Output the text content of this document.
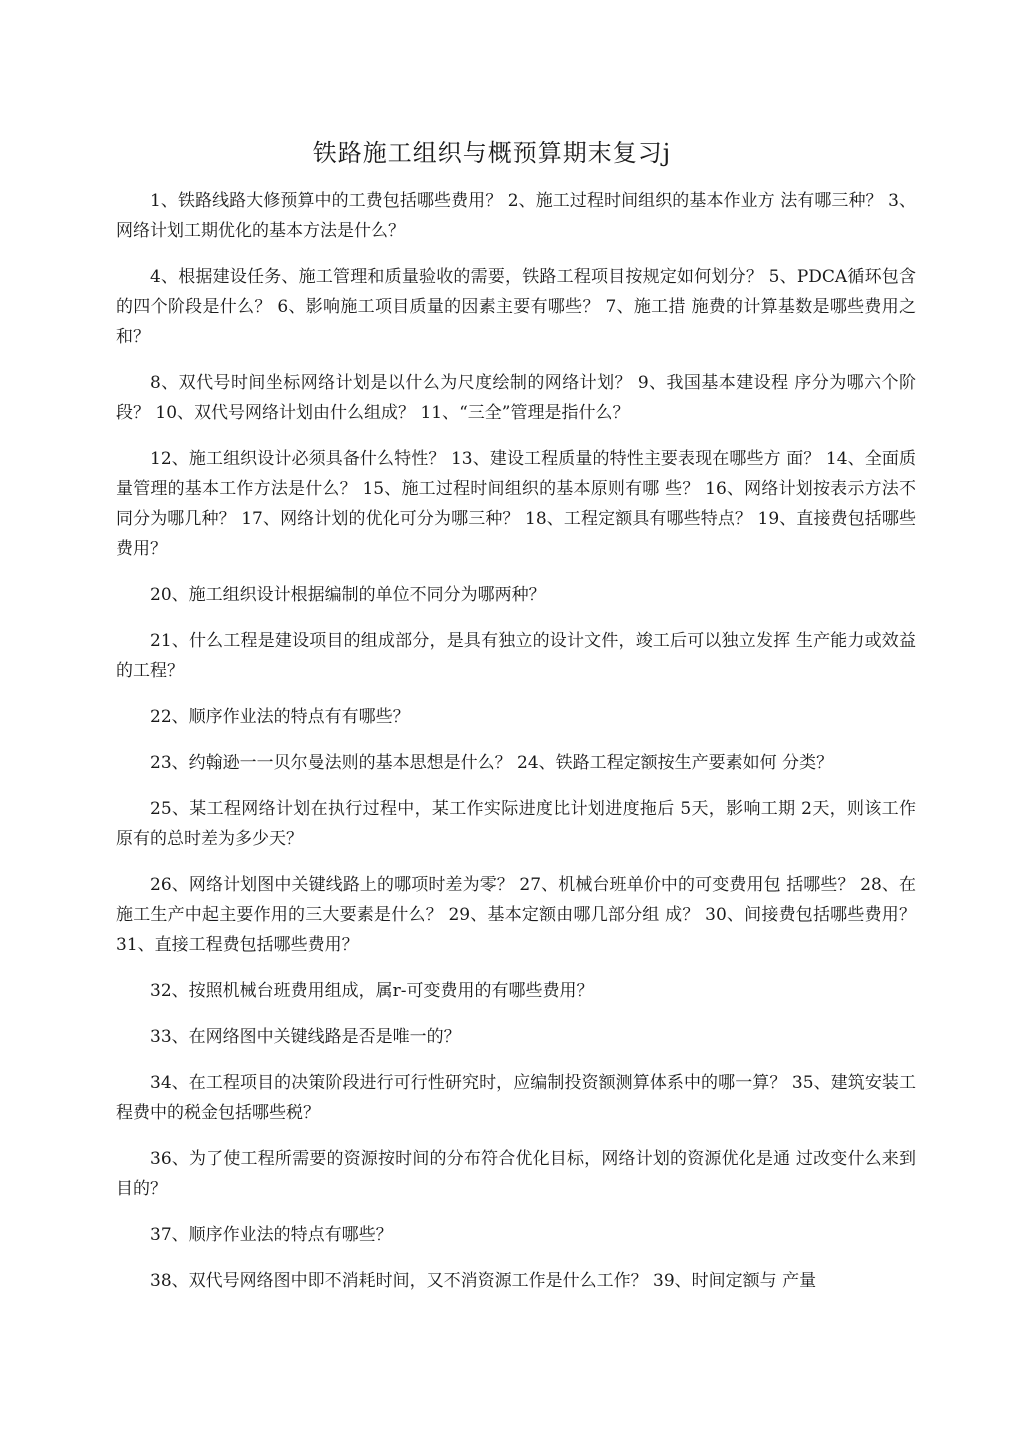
铁路施工组织与概预算期末复习j

1、铁路线路大修预算中的工费包括哪些费用？ 2、施工过程时间组织的基本作业方 法有哪三种？ 3、网络计划工期优化的基本方法是什么？

4、根据建设任务、施工管理和质量验收的需要，铁路工程项目按规定如何划分？ 5、PDCA循环包含的四个阶段是什么？ 6、影响施工项目质量的因素主要有哪些？ 7、施工措 施费的计算基数是哪些费用之和？

8、双代号时间坐标网络计划是以什么为尺度绘制的网络计划？ 9、我国基本建设程 序分为哪六个阶段？ 10、双代号网络计划由什么组成？ 11、“三全”管理是指什么？

12、施工组织设计必须具备什么特性？ 13、建设工程质量的特性主要表现在哪些方 面？ 14、全面质量管理的基本工作方法是什么？ 15、施工过程时间组织的基本原则有哪 些？ 16、网络计划按表示方法不同分为哪几种？ 17、网络计划的优化可分为哪三种？ 18、工程定额具有哪些特点？ 19、直接费包括哪些费用？

20、施工组织设计根据编制的单位不同分为哪两种？

21、什么工程是建设项目的组成部分，是具有独立的设计文件，竣工后可以独立发挥 生产能力或效益的工程？

22、顺序作业法的特点有有哪些？

23、约翰逊一一贝尔曼法则的基本思想是什么？ 24、铁路工程定额按生产要素如何 分类？

25、某工程网络计划在执行过程中，某工作实际进度比计划进度拖后 5天，影响工期 2天，则该工作原有的总时差为多少天？

26、网络计划图中关键线路上的哪项时差为零？ 27、机械台班单价中的可变费用包 括哪些？ 28、在施工生产中起主要作用的三大要素是什么？ 29、基本定额由哪几部分组 成？ 30、间接费包括哪些费用？ 31、直接工程费包括哪些费用？

32、按照机械台班费用组成，属r-可变费用的有哪些费用？

33、在网络图中关键线路是否是唯一的？

34、在工程项目的决策阶段进行可行性研究时，应编制投资额测算体系中的哪一算？ 35、建筑安装工程费中的税金包括哪些税？

36、为了使工程所需要的资源按时间的分布符合优化目标，网络计划的资源优化是通 过改变什么来到目的？

37、顺序作业法的特点有哪些？

38、双代号网络图中即不消耗时间，又不消资源工作是什么工作？ 39、时间定额与 产量
